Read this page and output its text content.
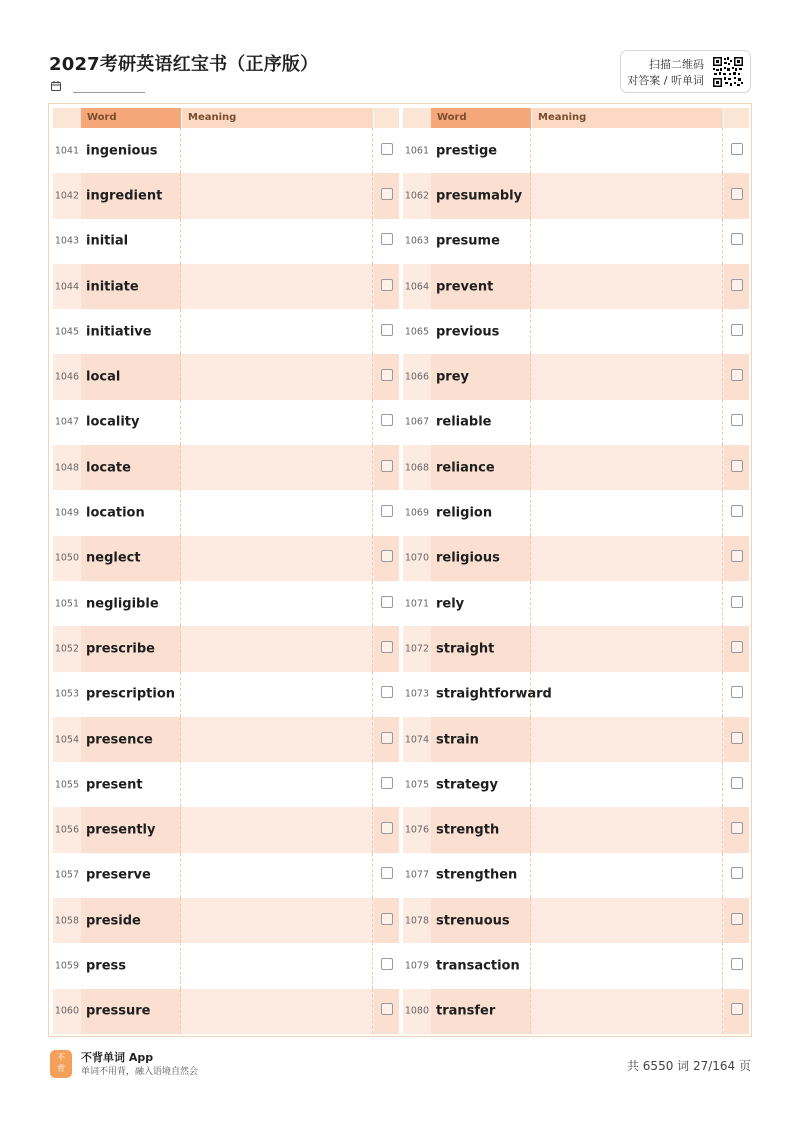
2027考研英语红宝书（正序版）	扫描二维码
对答案 / 听单词
Word	Meaning
1041 ingenious
1042 ingredient
1043 initial
1044 initiate
1045 initiative
1046 local
1047 locality
1048 locate
1049 location
1050 neglect
1051 negligible
1052 prescribe
1053 prescription
1054 presence
1055 present
1056 presently
1057 preserve
1058 preside
1059 press
1060 pressure
Word	Meaning
1061 prestige
1062 presumably
1063 presume
1064 prevent
1065 previous
1066 prey
1067 reliable
1068 reliance
1069 religion
1070 religious
1071 rely
1072 straight
1073 straightforward
1074 strain
1075 strategy
1076 strength
1077 strengthen
1078 strenuous
1079 transaction
1080 transfer
不
背
不背单词 App
单词不用背，融入语境自然会	共 6550 词 27/164 页
